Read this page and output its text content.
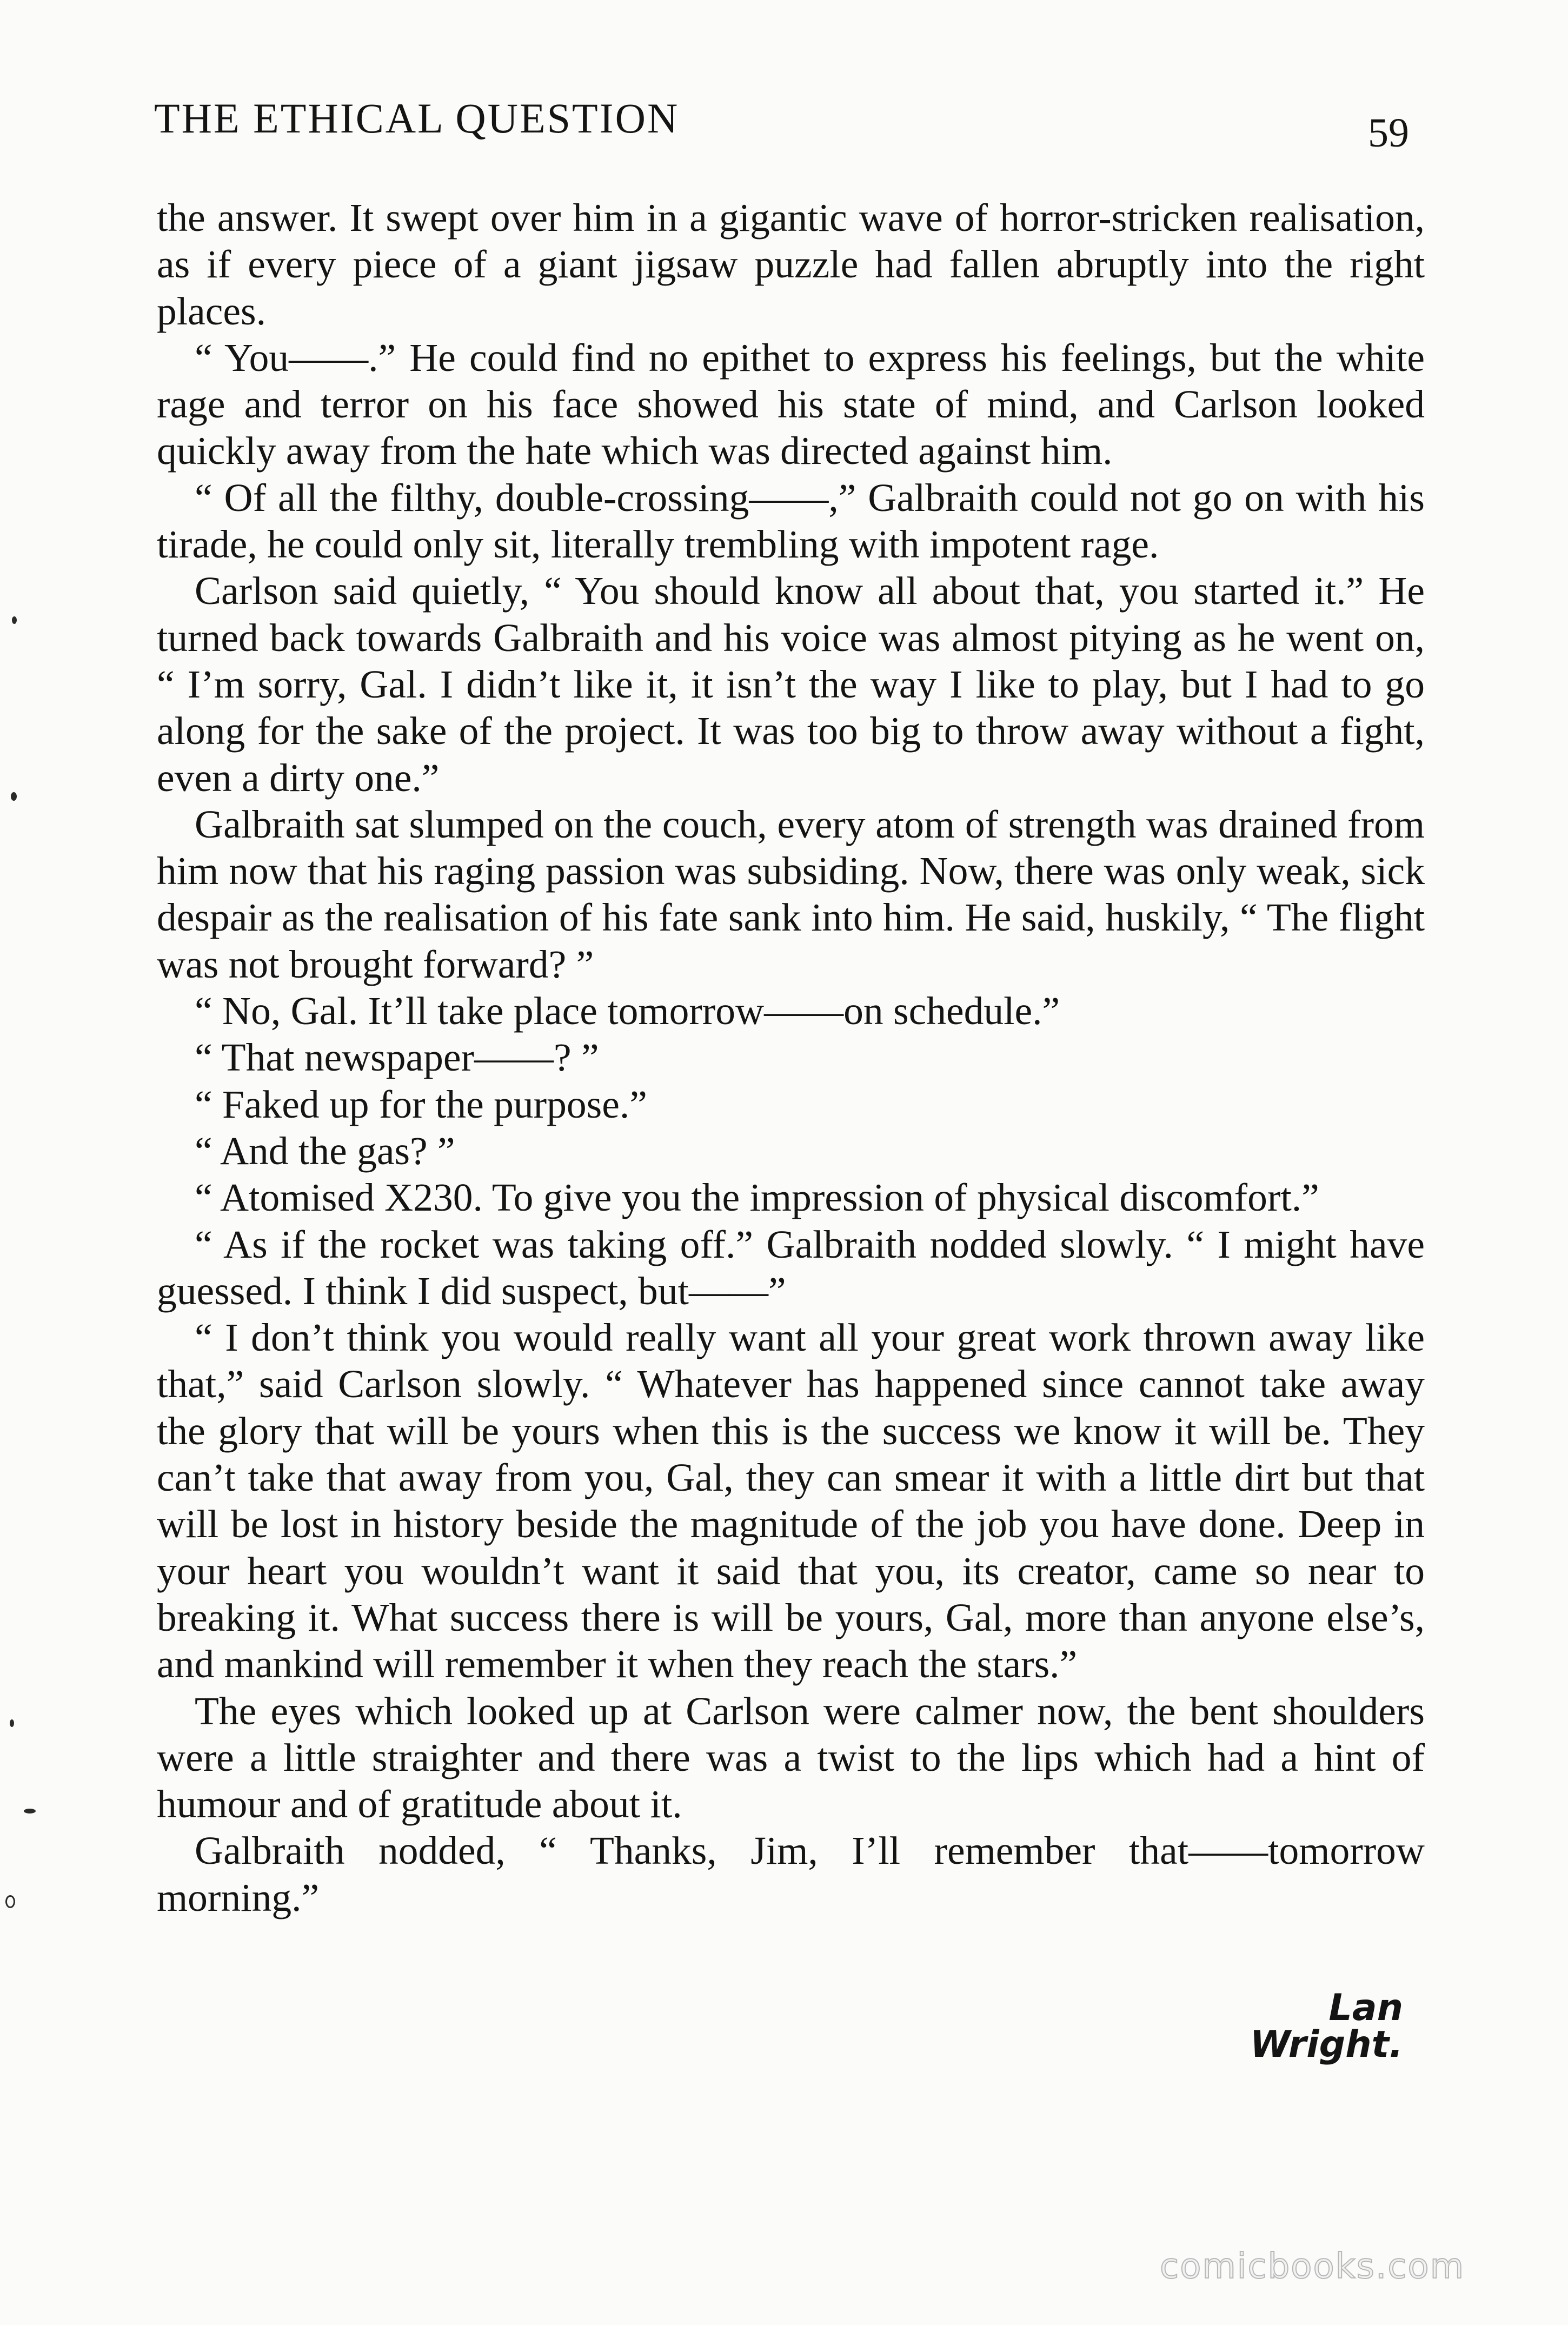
THE ETHICAL QUESTION	59

the answer. It swept over him in a gigantic wave of horror-stricken realisation, as if every piece of a giant jigsaw puzzle had fallen abruptly into the right places.

“ You——.” He could find no epithet to express his feelings, but the white rage and terror on his face showed his state of mind, and Carlson looked quickly away from the hate which was directed against him.

“ Of all the filthy, double-crossing——,” Galbraith could not go on with his tirade, he could only sit, literally trembling with impotent rage.

Carlson said quietly, “ You should know all about that, you started it.” He turned back towards Galbraith and his voice was almost pitying as he went on, “ I’m sorry, Gal. I didn’t like it, it isn’t the way I like to play, but I had to go along for the sake of the project. It was too big to throw away without a fight, even a dirty one.”

Galbraith sat slumped on the couch, every atom of strength was drained from him now that his raging passion was subsiding. Now, there was only weak, sick despair as the realisation of his fate sank into him. He said, huskily, “ The flight was not brought forward? ”

“ No, Gal. It’ll take place tomorrow——on schedule.”

“ That newspaper——? ”

“ Faked up for the purpose.”

“ And the gas? ”

“ Atomised X230. To give you the impression of physical discomfort.”

“ As if the rocket was taking off.” Galbraith nodded slowly. “ I might have guessed. I think I did suspect, but——”

“ I don’t think you would really want all your great work thrown away like that,” said Carlson slowly. “ Whatever has happened since cannot take away the glory that will be yours when this is the success we know it will be. They can’t take that away from you, Gal, they can smear it with a little dirt but that will be lost in history beside the magnitude of the job you have done. Deep in your heart you wouldn’t want it said that you, its creator, came so near to breaking it. What success there is will be yours, Gal, more than anyone else’s, and mankind will remember it when they reach the stars.”

The eyes which looked up at Carlson were calmer now, the bent shoulders were a little straighter and there was a twist to the lips which had a hint of humour and of gratitude about it.

Galbraith nodded, “ Thanks, Jim, I’ll remember that——tomorrow morning.”

Lan Wright.
comicbooks.com
